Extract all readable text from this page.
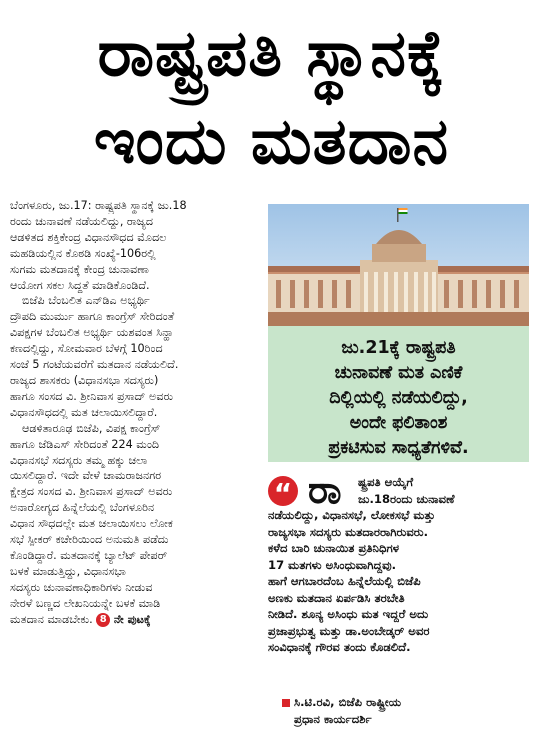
ರಾಷ್ಟ್ರಪತಿ ಸ್ಥಾನಕ್ಕೆ
ಇಂದು ಮತದಾನ
ಬೆಂಗಳೂರು, ಜು.17: ರಾಷ್ಟ್ರಪತಿ ಸ್ಥಾನಕ್ಕೆ ಜು.18
ರಂದು ಚುನಾವಣೆ ನಡೆಯಲಿದ್ದು, ರಾಜ್ಯದ
ಆಡಳಿತದ ಶಕ್ತಿಕೇಂದ್ರ ವಿಧಾನಸೌಧದ ಮೊದಲ
ಮಹಡಿಯಲ್ಲಿನ ಕೊಠಡಿ ಸಂಖ್ಯೆ-106ರಲ್ಲಿ
ಸುಗಮ ಮತದಾನಕ್ಕೆ ಕೇಂದ್ರ ಚುನಾವಣಾ
ಆಯೋಗ ಸಕಲ ಸಿದ್ಧತೆ ಮಾಡಿಕೊಂಡಿದೆ.
ಬಿಜೆಪಿ ಬೆಂಬಲಿತ ಎನ್‌ಡಿಎ ಅಭ್ಯರ್ಥಿ
ದ್ರೌಪದಿ ಮುರ್ಮು ಹಾಗೂ ಕಾಂಗ್ರೆಸ್ ಸೇರಿದಂತೆ
ವಿಪಕ್ಷಗಳ ಬೆಂಬಲಿತ ಅಭ್ಯರ್ಥಿ ಯಶವಂತ ಸಿನ್ಹಾ
ಕಣದಲ್ಲಿದ್ದು, ಸೋಮವಾರ ಬೆಳಗ್ಗೆ 10ರಿಂದ
ಸಂಜೆ 5 ಗಂಟೆಯವರೆಗೆ ಮತದಾನ ನಡೆಯಲಿದೆ.
ರಾಜ್ಯದ ಶಾಸಕರು (ವಿಧಾನಸಭಾ ಸದಸ್ಯರು)
ಹಾಗೂ ಸಂಸದ ವಿ. ಶ್ರೀನಿವಾಸ ಪ್ರಸಾದ್ ಅವರು
ವಿಧಾನಸೌಧದಲ್ಲಿ ಮತ ಚಲಾಯಿಸಲಿದ್ದಾರೆ.
ಆಡಳಿತಾರೂಢ ಬಿಜೆಪಿ, ವಿಪಕ್ಷ ಕಾಂಗ್ರೆಸ್
ಹಾಗೂ ಜೆಡಿಎಸ್ ಸೇರಿದಂತೆ 224 ಮಂದಿ
ವಿಧಾನಸಭೆ ಸದಸ್ಯರು ತಮ್ಮ ಹಕ್ಕು ಚಲಾ
ಯಿಸಲಿದ್ದಾರೆ. ಇದೇ ವೇಳೆ ಚಾಮರಾಜನಗರ
ಕ್ಷೇತ್ರದ ಸಂಸದ ವಿ. ಶ್ರೀನಿವಾಸ ಪ್ರಸಾದ್ ಅವರು
ಅನಾರೋಗ್ಯದ ಹಿನ್ನೆಲೆಯಲ್ಲಿ ಬೆಂಗಳೂರಿನ
ವಿಧಾನ ಸೌಧದಲ್ಲೇ ಮತ ಚಲಾಯಿಸಲು ಲೋಕ
ಸಭೆ ಸ್ಪೀಕರ್ ಕಚೇರಿಯಿಂದ ಅನುಮತಿ ಪಡೆದು
ಕೊಂಡಿದ್ದಾರೆ. ಮತದಾನಕ್ಕೆ ಬ್ಯಾಲೆಟ್ ಪೇಪರ್
ಬಳಕೆ ಮಾಡುತ್ತಿದ್ದು, ವಿಧಾನಸಭಾ
ಸದಸ್ಯರು ಚುನಾವಣಾಧಿಕಾರಿಗಳು ನೀಡುವ
ನೇರಳೆ ಬಣ್ಣದ ಲೇಖನಿಯನ್ನೇ ಬಳಕೆ ಮಾಡಿ
ಮತದಾನ ಮಾಡಬೇಕು. 8 ನೇ ಪುಟಕ್ಕೆ
ಜು.21ಕ್ಕೆ ರಾಷ್ಟ್ರಪತಿ
ಚುನಾವಣೆ ಮತ ಎಣಿಕೆ
ದಿಲ್ಲಿಯಲ್ಲಿ ನಡೆಯಲಿದ್ದು,
ಅಂದೇ ಫಲಿತಾಂಶ
ಪ್ರಕಟಿಸುವ ಸಾಧ್ಯತೆಗಳಿವೆ.
“ ರಾ ಷ್ಟ್ರಪತಿ ಆಯ್ಕೆಗೆ
ಜು.18ರಂದು ಚುನಾವಣೆ
ನಡೆಯಲಿದ್ದು, ವಿಧಾನಸಭೆ, ಲೋಕಸಭೆ ಮತ್ತು
ರಾಜ್ಯಸಭಾ ಸದಸ್ಯರು ಮತದಾರರಾಗಿರುವರು.
ಕಳೆದ ಬಾರಿ ಚುನಾಯಿತ ಪ್ರತಿನಿಧಿಗಳ
17 ಮತಗಳು ಅಸಿಂಧುವಾಗಿದ್ದವು.
ಹಾಗೆ ಆಗಬಾರದೆಂಬ ಹಿನ್ನೆಲೆಯಲ್ಲಿ ಬಿಜೆಪಿ
ಅಣಕು ಮತದಾನ ಏರ್ಪಡಿಸಿ ತರಬೇತಿ
ನೀಡಿದೆ. ಶೂನ್ಯ ಅಸಿಂಧು ಮತ ಇದ್ದರೆ ಅದು
ಪ್ರಜಾಪ್ರಭುತ್ವ ಮತ್ತು ಡಾ.ಅಂಬೇಡ್ಕರ್ ಅವರ
ಸಂವಿಧಾನಕ್ಕೆ ಗೌರವ ತಂದು ಕೊಡಲಿದೆ.
ಸಿ.ಟಿ.ರವಿ, ಬಿಜೆಪಿ ರಾಷ್ಟ್ರೀಯ
ಪ್ರಧಾನ ಕಾರ್ಯದರ್ಶಿ
